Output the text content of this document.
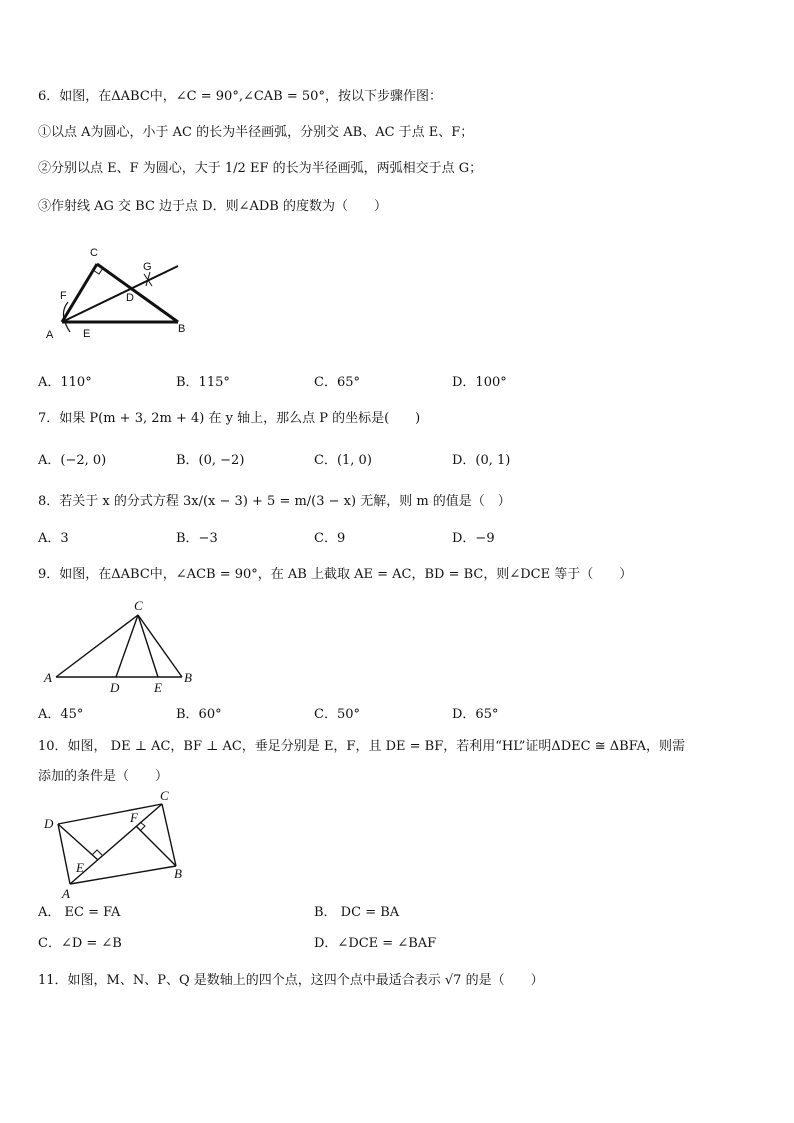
6．如图，在ΔABC中，∠C = 90°,∠CAB = 50°，按以下步骤作图：
①以点 A为圆心，小于 AC 的长为半径画弧，分别交 AB、AC 于点 E、F；
②分别以点 E、F 为圆心，大于 1/2 EF 的长为半径画弧，两弧相交于点 G；
③作射线 AG 交 BC 边于点 D．则∠ADB 的度数为（　　）
C
G
F	D
A	E	B
A．110°	B．115°	C．65°	D．100°
7．如果 P(m + 3, 2m + 4) 在 y 轴上，那么点 P 的坐标是(　　)
A．(−2, 0)	B．(0, −2)	C．(1, 0)	D．(0, 1)
8．若关于 x 的分式方程 3x/(x − 3) + 5 = m/(3 − x) 无解，则 m 的值是（　）
A．3	B．−3	C．9	D．−9
9．如图，在ΔABC中，∠ACB = 90°，在 AB 上截取 AE = AC，BD = BC，则∠DCE 等于（　　）
C
A
D	E
B
A．45°	B．60°	C．50°	D．65°
10．如图， DE ⊥ AC，BF ⊥ AC，垂足分别是 E，F，且 DE = BF，若利用“HL”证明ΔDEC ≅ ΔBFA，则需
添加的条件是（　　）
C
F
D
E
A
B
A． EC = FA	B． DC = BA
C．∠D = ∠B	D．∠DCE = ∠BAF
11．如图，M、N、P、Q 是数轴上的四个点，这四个点中最适合表示 √7 的是（　　）
